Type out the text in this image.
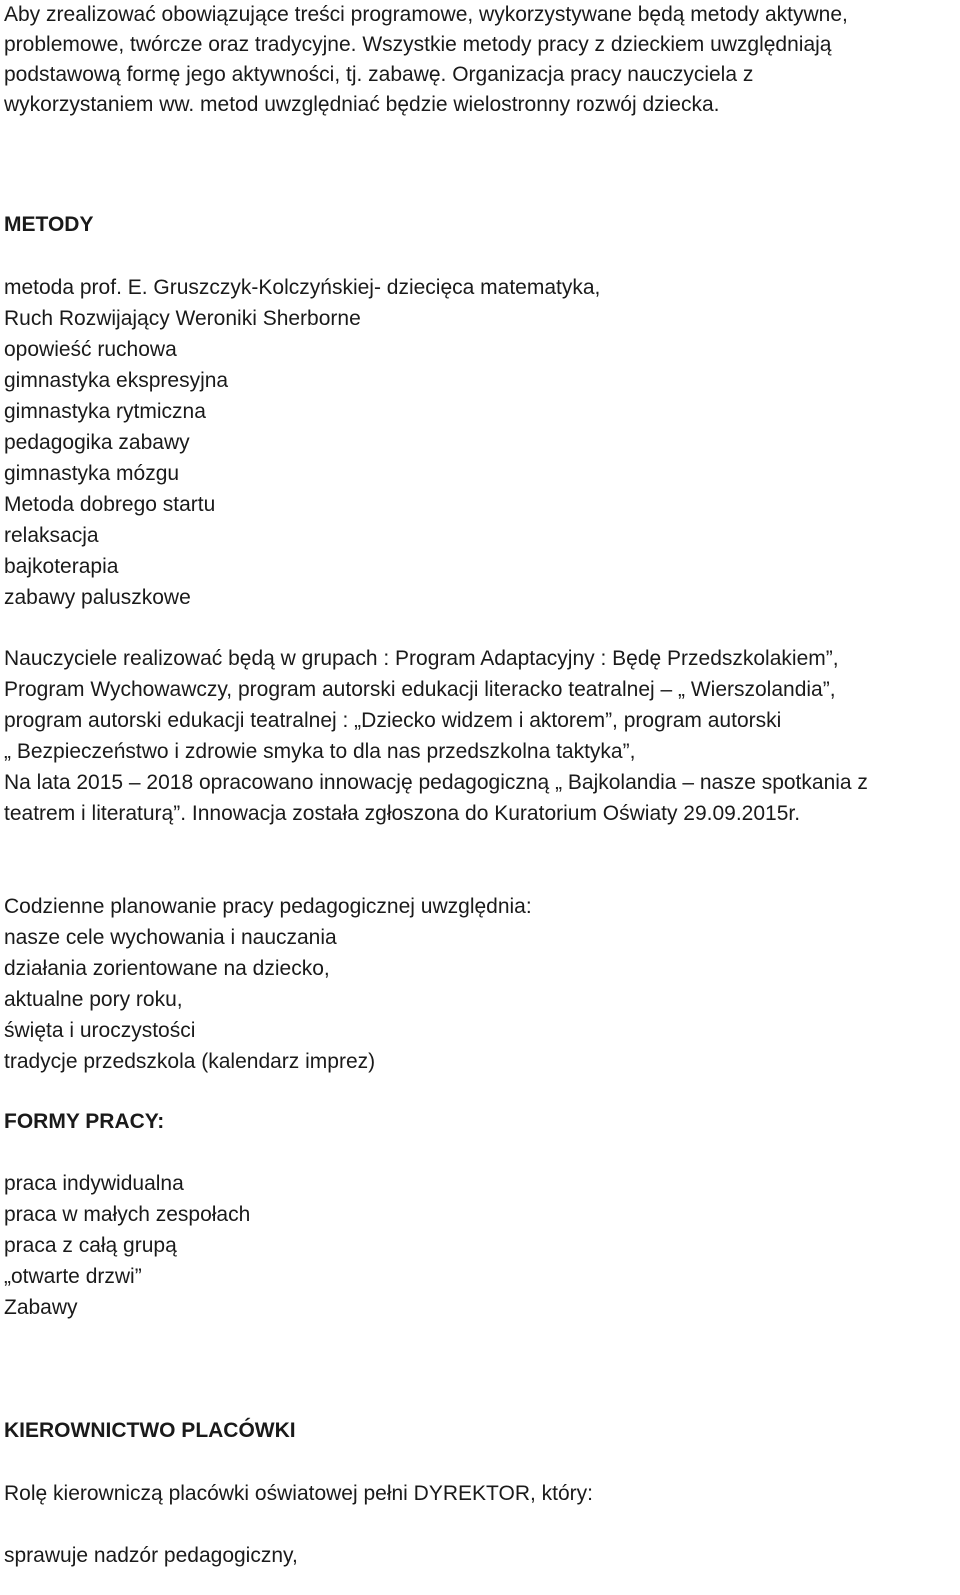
Aby zrealizować obowiązujące treści programowe, wykorzystywane będą metody aktywne,
problemowe, twórcze oraz tradycyjne. Wszystkie metody pracy z dzieckiem uwzględniają
podstawową formę jego aktywności, tj. zabawę. Organizacja pracy nauczyciela z
wykorzystaniem ww. metod uwzględniać będzie wielostronny rozwój dziecka.

METODY
metoda prof. E. Gruszczyk-Kolczyńskiej- dziecięca matematyka,
Ruch Rozwijający Weroniki Sherborne
opowieść ruchowa
gimnastyka ekspresyjna
gimnastyka rytmiczna
pedagogika zabawy
gimnastyka mózgu
Metoda dobrego startu
relaksacja
bajkoterapia
zabawy paluszkowe

Nauczyciele realizować będą w grupach : Program Adaptacyjny : Będę Przedszkolakiem”,
Program Wychowawczy, program autorski edukacji literacko teatralnej – „ Wierszolandia”,
program autorski edukacji teatralnej : „Dziecko widzem i aktorem”, program autorski
„ Bezpieczeństwo i zdrowie smyka to dla nas przedszkolna taktyka”,
Na lata 2015 – 2018 opracowano innowację pedagogiczną „ Bajkolandia – nasze spotkania z
teatrem i literaturą”. Innowacja została zgłoszona do Kuratorium Oświaty 29.09.2015r.

Codzienne planowanie pracy pedagogicznej uwzględnia:
nasze cele wychowania i nauczania
działania zorientowane na dziecko,
aktualne pory roku,
święta i uroczystości
tradycje przedszkola (kalendarz imprez)
FORMY PRACY:
praca indywidualna
praca w małych zespołach
praca z całą grupą
„otwarte drzwi”
Zabawy
KIEROWNICTWO PLACÓWKI

Rolę kierowniczą placówki oświatowej pełni DYREKTOR, który:

sprawuje nadzór pedagogiczny,
